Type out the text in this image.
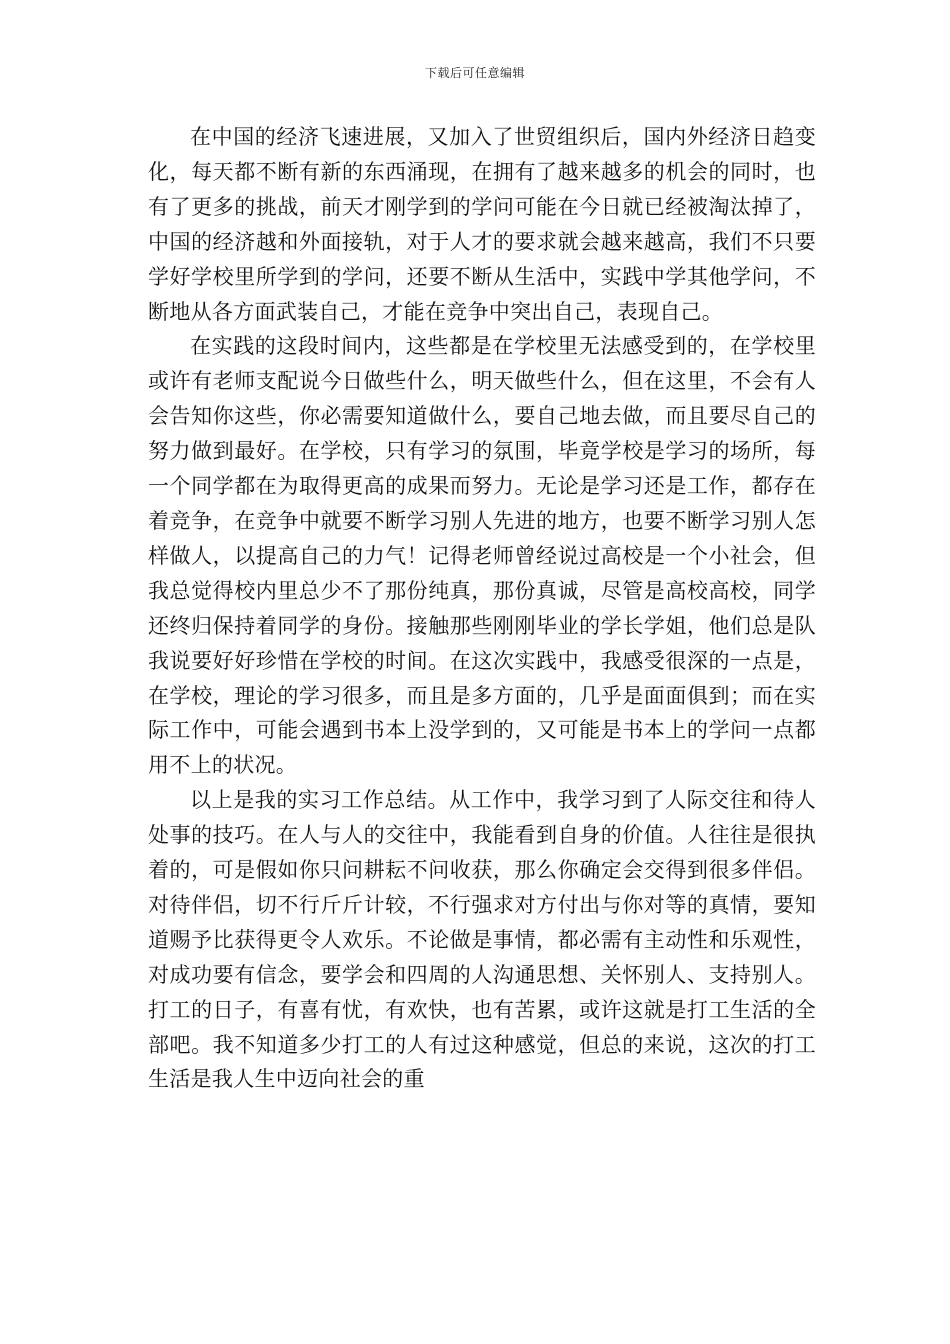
下载后可任意编辑

在中国的经济飞速进展，又加入了世贸组织后，国内外经济日趋变化，每天都不断有新的东西涌现，在拥有了越来越多的机会的同时，也有了更多的挑战，前天才刚学到的学问可能在今日就已经被淘汰掉了，中国的经济越和外面接轨，对于人才的要求就会越来越高，我们不只要学好学校里所学到的学问，还要不断从生活中，实践中学其他学问，不断地从各方面武装自己，才能在竞争中突出自己，表现自己。

在实践的这段时间内，这些都是在学校里无法感受到的，在学校里或许有老师支配说今日做些什么，明天做些什么，但在这里，不会有人会告知你这些，你必需要知道做什么，要自己地去做，而且要尽自己的努力做到最好。在学校，只有学习的氛围，毕竟学校是学习的场所，每一个同学都在为取得更高的成果而努力。无论是学习还是工作，都存在着竞争，在竞争中就要不断学习别人先进的地方，也要不断学习别人怎样做人，以提高自己的力气！记得老师曾经说过高校是一个小社会，但我总觉得校内里总少不了那份纯真，那份真诚，尽管是高校高校，同学还终归保持着同学的身份。接触那些刚刚毕业的学长学姐，他们总是队我说要好好珍惜在学校的时间。在这次实践中，我感受很深的一点是，在学校，理论的学习很多，而且是多方面的，几乎是面面俱到；而在实际工作中，可能会遇到书本上没学到的，又可能是书本上的学问一点都用不上的状况。

以上是我的实习工作总结。从工作中，我学习到了人际交往和待人处事的技巧。在人与人的交往中，我能看到自身的价值。人往往是很执着的，可是假如你只问耕耘不问收获，那么你确定会交得到很多伴侣。对待伴侣，切不行斤斤计较，不行强求对方付出与你对等的真情，要知道赐予比获得更令人欢乐。不论做是事情，都必需有主动性和乐观性，对成功要有信念，要学会和四周的人沟通思想、关怀别人、支持别人。打工的日子，有喜有忧，有欢快，也有苦累，或许这就是打工生活的全部吧。我不知道多少打工的人有过这种感觉，但总的来说，这次的打工生活是我人生中迈向社会的重
